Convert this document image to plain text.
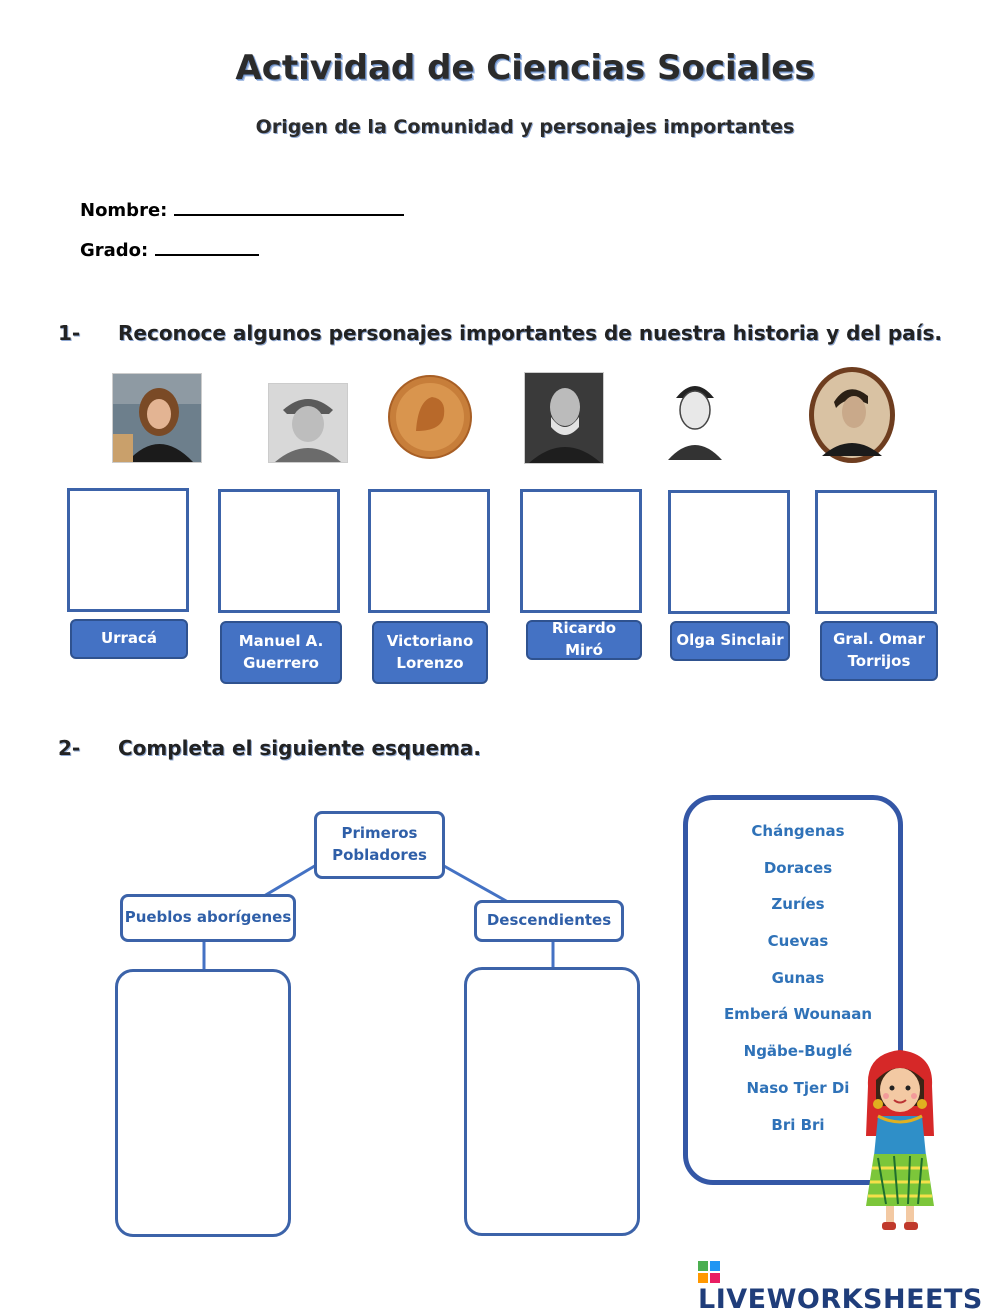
Actividad de Ciencias Sociales
Origen de la Comunidad y personajes importantes
Nombre:
Grado:
1- Reconoce algunos personajes importantes de nuestra historia y del país.
Urracá	Manuel A.
Guerrero
Victoriano
Lorenzo
Ricardo Miró
Olga Sinclair	Gral. Omar
Torrijos
2- Completa el siguiente esquema.
Primeros
Pobladores
Pueblos aborígenes	Descendientes
Chángenas
Doraces
Zuríes
Cuevas
Gunas
Emberá Wounaan
Ngäbe-Buglé
Naso Tjer Di
Bri Bri
LIVEWORKSHEETS
